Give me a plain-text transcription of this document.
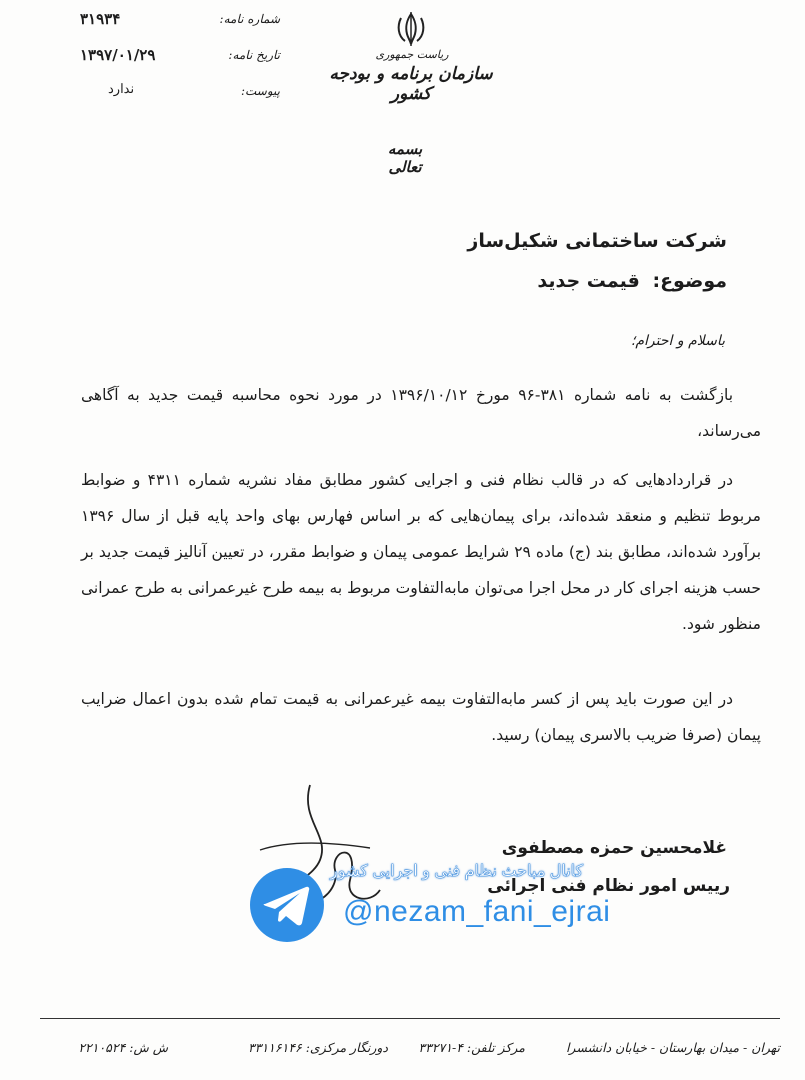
ریاست جمهوری
سازمان برنامه و بودجه کشور
شماره نامه:
۳۱۹۳۴
تاریخ نامه:
۱۳۹۷/۰۱/۲۹
پیوست:
ندارد
بسمه تعالی
شرکت ساختمانی شکیل‌ساز
موضوع: قیمت جدید
باسلام و احترام؛

بازگشت به نامه شماره ۳۸۱-۹۶ مورخ ۱۳۹۶/۱۰/۱۲ در مورد نحوه محاسبه قیمت جدید به آگاهی می‌رساند،

در قراردادهایی که در قالب نظام فنی و اجرایی کشور مطابق مفاد نشریه شماره ۴۳۱۱ و ضوابط مربوط تنظیم و منعقد شده‌اند، برای پیمان‌هایی که بر اساس فهارس بهای واحد پایه قبل از سال ۱۳۹۶ برآورد شده‌اند، مطابق بند (ج) ماده ۲۹ شرایط عمومی پیمان و ضوابط مقرر، در تعیین آنالیز قیمت جدید بر حسب هزینه اجرای کار در محل اجرا می‌توان مابه‌التفاوت مربوط به بیمه طرح غیرعمرانی به طرح عمرانی منظور شود.

در این صورت باید پس از کسر مابه‌التفاوت بیمه غیرعمرانی به قیمت تمام شده بدون اعمال ضرایب پیمان (صرفا ضریب بالاسری پیمان) رسید.

غلامحسین حمزه مصطفوی
رییس امور نظام فنی اجرائی
کانال مباحث نظام فنی و اجرایی کشور
@nezam_fani_ejrai
تهران - میدان بهارستان - خیابان دانشسرا
مرکز تلفن: ۴-۳۳۲۷۱
دورنگار مرکزی: ۳۳۱۱۶۱۴۶
ش ش: ۲۲۱۰۵۲۴
